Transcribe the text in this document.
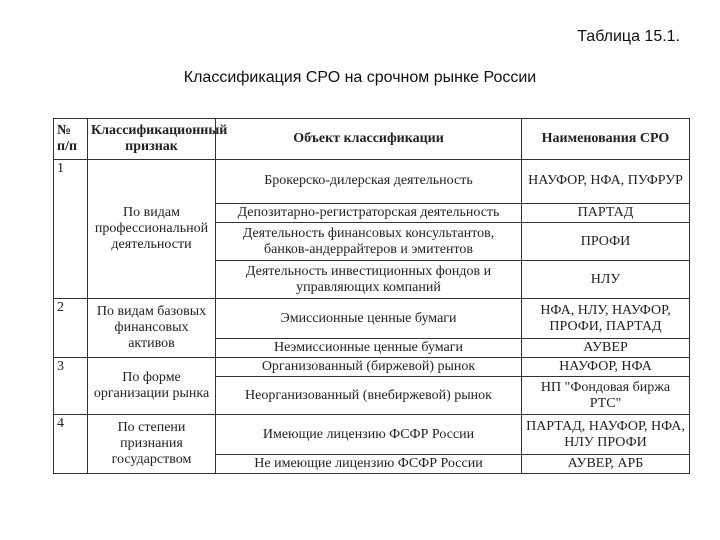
Таблица 15.1.
Классификация СРО на срочном рынке России
№ п/п	Классификационный признак	Объект классификации	Наименования СРО
1	По видам профессиональной деятельности	Брокерско-дилерская деятельность	НАУФОР, НФА, ПУФРУР
		Депозитарно-регистраторская деятельность	ПАРТАД
		Деятельность финансовых консультантов, банков-андеррайтеров и эмитентов	ПРОФИ
		Деятельность инвестиционных фондов и управляющих компаний	НЛУ
2	По видам базовых финансовых активов	Эмиссионные ценные бумаги	НФА, НЛУ, НАУФОР, ПРОФИ, ПАРТАД
		Неэмиссионные ценные бумаги	АУВЕР
3	По форме организации рынка	Организованный (биржевой) рынок	НАУФОР, НФА
		Неорганизованный (внебиржевой) рынок	НП "Фондовая биржа РТС"
4	По степени признания государством	Имеющие лицензию ФСФР России	ПАРТАД, НАУФОР, НФА, НЛУ ПРОФИ
		Не имеющие лицензию ФСФР России	АУВЕР, АРБ
